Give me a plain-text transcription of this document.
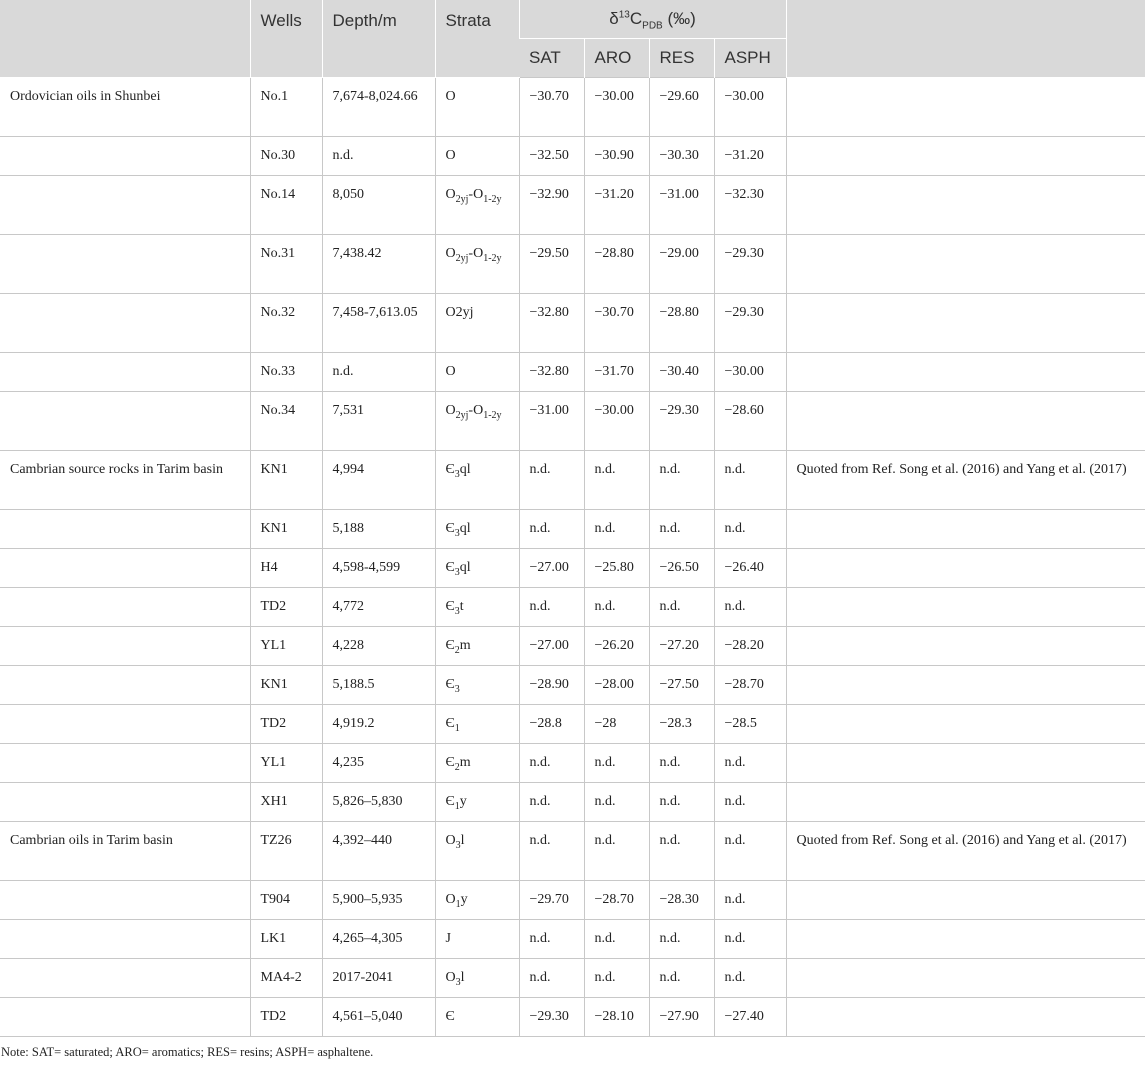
	Wells	Depth/m	Strata	$\delta^{13}C_{PDB}$ (‰)				
				SAT	ARO	RES	ASPH	
Ordovician oils in Shunbei	No.1	7,674-8,024.66	O	−30.70	−30.00	−29.60	−30.00	
	No.30	n.d.	O	−32.50	−30.90	−30.30	−31.20	
	No.14	8,050	$O_{2yj}-O_{1-2y}$	−32.90	−31.20	−31.00	−32.30	
	No.31	7,438.42	$O_{2yj}-O_{1-2y}$	−29.50	−28.80	−29.00	−29.30	
	No.32	7,458-7,613.05	O2yj	−32.80	−30.70	−28.80	−29.30	
	No.33	n.d.	O	−32.80	−31.70	−30.40	−30.00	
	No.34	7,531	$O_{2yj}-O_{1-2y}$	−31.00	−30.00	−29.30	−28.60	
Cambrian source rocks in Tarim basin	KN1	4,994	$Є_3ql$	n.d.	n.d.	n.d.	n.d.	Quoted from Ref. Song et al. (2016) and Yang et al. (2017)
	KN1	5,188	$Є_3ql$	n.d.	n.d.	n.d.	n.d.	
	H4	4,598-4,599	$Є_3ql$	−27.00	−25.80	−26.50	−26.40	
	TD2	4,772	$Є_3t$	n.d.	n.d.	n.d.	n.d.	
	YL1	4,228	$Є_2m$	−27.00	−26.20	−27.20	−28.20	
	KN1	5,188.5	$Є_3$	−28.90	−28.00	−27.50	−28.70	
	TD2	4,919.2	$Є_1$	−28.8	−28	−28.3	−28.5	
	YL1	4,235	$Є_2m$	n.d.	n.d.	n.d.	n.d.	
	XH1	5,826–5,830	$Є_1y$	n.d.	n.d.	n.d.	n.d.	
Cambrian oils in Tarim basin	TZ26	4,392–440	$O_3l$	n.d.	n.d.	n.d.	n.d.	Quoted from Ref. Song et al. (2016) and Yang et al. (2017)
	T904	5,900–5,935	$O_1y$	−29.70	−28.70	−28.30	n.d.	
	LK1	4,265–4,305	J	n.d.	n.d.	n.d.	n.d.	
	MA4-2	2017-2041	$O_3l$	n.d.	n.d.	n.d.	n.d.	
	TD2	4,561–5,040	Є	−29.30	−28.10	−27.90	−27.40	
Note: SAT= saturated; ARO= aromatics; RES= resins; ASPH= asphaltene.
